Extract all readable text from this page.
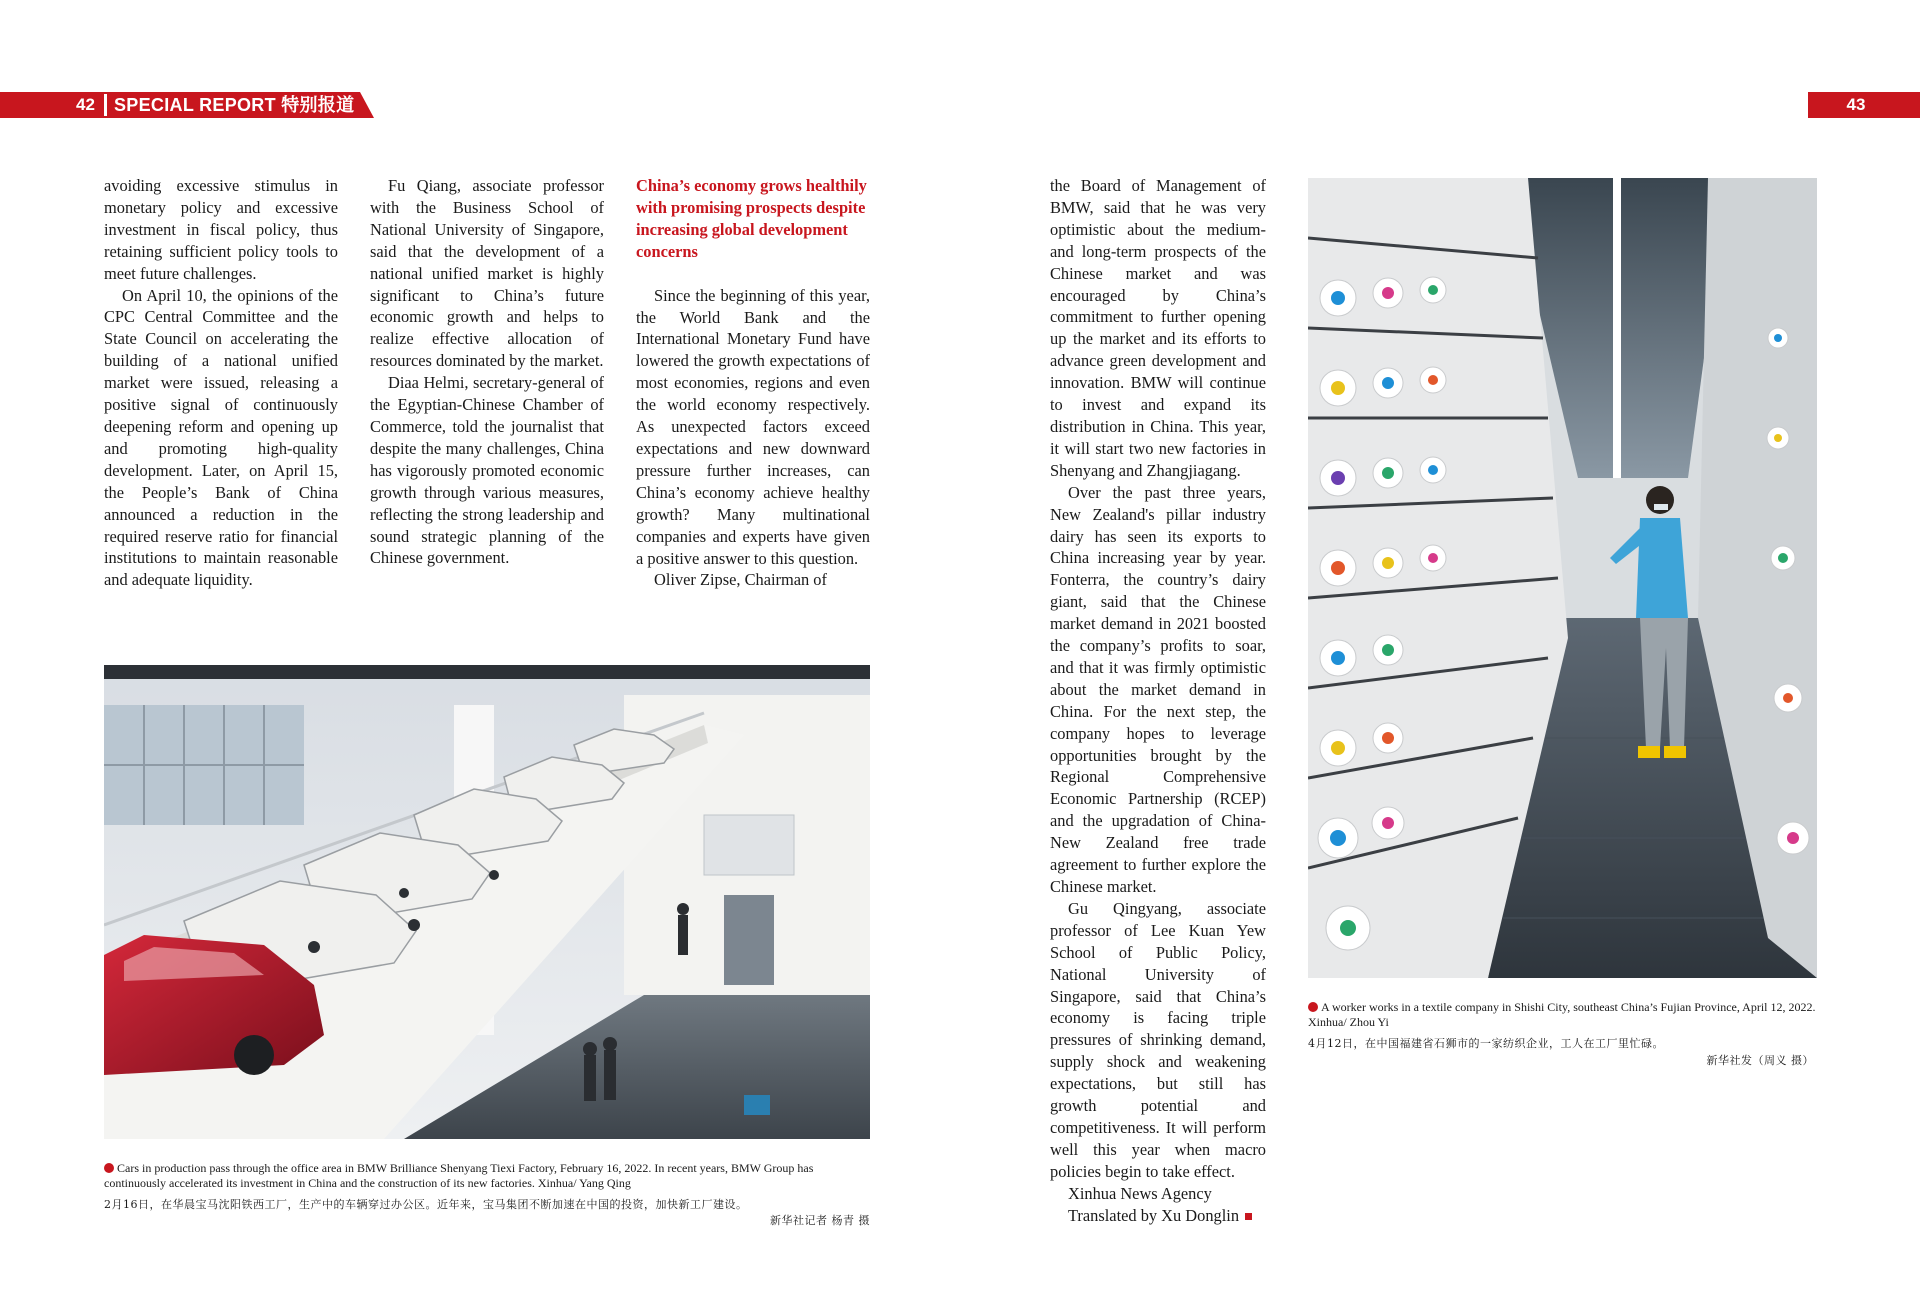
42 SPECIAL REPORT 特别报道	43

avoiding excessive stimulus in monetary policy and excessive investment in fiscal policy, thus retaining sufficient policy tools to meet future challenges.

On April 10, the opinions of the CPC Central Committee and the State Council on accelerating the building of a national unified market were issued, releasing a positive signal of continuously deepening reform and opening up and promoting high-quality development. Later, on April 15, the People’s Bank of China announced a reduction in the required reserve ratio for financial institutions to maintain reasonable and adequate liquidity.

Fu Qiang, associate professor with the Business School of National University of Singapore, said that the development of a national unified market is highly significant to China’s future economic growth and helps to realize effective allocation of resources dominated by the market.

Diaa Helmi, secretary-general of the Egyptian-Chinese Chamber of Commerce, told the journalist that despite the many challenges, China has vigorously promoted economic growth through various measures, reflecting the strong leadership and sound strategic planning of the Chinese government.

China’s economy grows healthily with promising prospects despite increasing global development concerns

Since the beginning of this year, the World Bank and the International Monetary Fund have lowered the growth expectations of most economies, regions and even the world economy respectively. As unexpected factors exceed expectations and new downward pressure further increases, can China’s economy achieve healthy growth? Many multinational companies and experts have given a positive answer to this question.

Oliver Zipse, Chairman of

the Board of Management of BMW, said that he was very optimistic about the medium- and long-term prospects of the Chinese market and was encouraged by China’s commitment to further opening up the market and its efforts to advance green development and innovation. BMW will continue to invest and expand its distribution in China. This year, it will start two new factories in Shenyang and Zhangjiagang.

Over the past three years, New Zealand's pillar industry dairy has seen its exports to China increasing year by year. Fonterra, the country’s dairy giant, said that the Chinese market demand in 2021 boosted the company’s profits to soar, and that it was firmly optimistic about the market demand in China. For the next step, the company hopes to leverage opportunities brought by the Regional Comprehensive Economic Partnership (RCEP) and the upgradation of China-New Zealand free trade agreement to further explore the Chinese market.

Gu Qingyang, associate professor of Lee Kuan Yew School of Public Policy, National University of Singapore, said that China’s economy is facing triple pressures of shrinking demand, supply shock and weakening expectations, but still has growth potential and competitiveness. It will perform well this year when macro policies begin to take effect.

Xinhua News Agency

Translated by Xu Donglin

Cars in production pass through the office area in BMW Brilliance Shenyang Tiexi Factory, February 16, 2022. In recent years, BMW Group has continuously accelerated its investment in China and the construction of its new factories. Xinhua/ Yang Qing
2月16日，在华晨宝马沈阳铁西工厂，生产中的车辆穿过办公区。近年来，宝马集团不断加速在中国的投资，加快新工厂建设。
新华社记者 杨青 摄
A worker works in a textile company in Shishi City, southeast China’s Fujian Province, April 12, 2022. Xinhua/ Zhou Yi
4月12日，在中国福建省石狮市的一家纺织企业，工人在工厂里忙碌。
新华社发（周义 摄）
